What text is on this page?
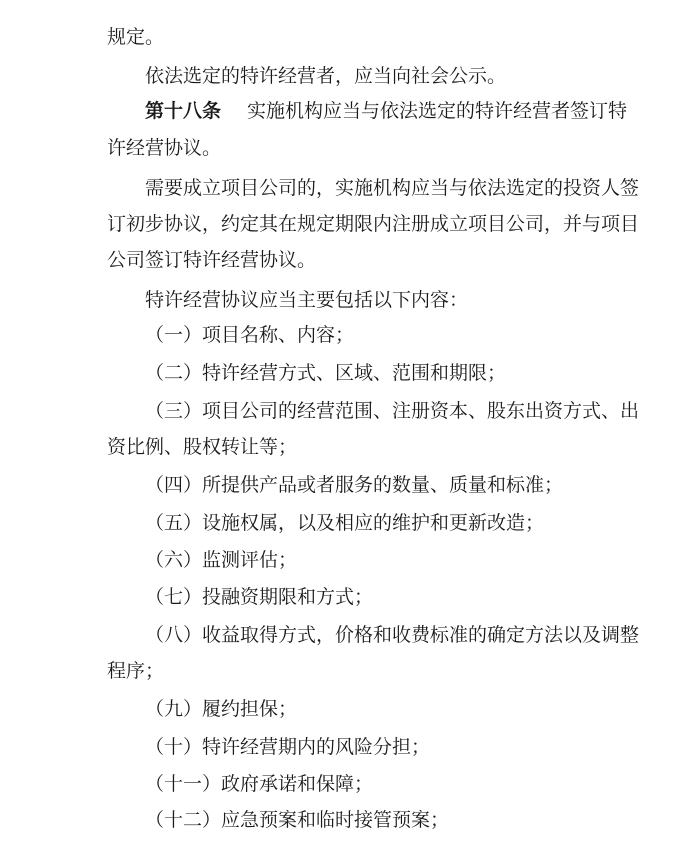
规定。
依法选定的特许经营者，应当向社会公示。
第十八条 实施机构应当与依法选定的特许经营者签订特
许经营协议。
需要成立项目公司的，实施机构应当与依法选定的投资人签
订初步协议，约定其在规定期限内注册成立项目公司，并与项目
公司签订特许经营协议。
特许经营协议应当主要包括以下内容：
（一）项目名称、内容；
（二）特许经营方式、区域、范围和期限；
（三）项目公司的经营范围、注册资本、股东出资方式、出
资比例、股权转让等；
（四）所提供产品或者服务的数量、质量和标准；
（五）设施权属，以及相应的维护和更新改造；
（六）监测评估；
（七）投融资期限和方式；
（八）收益取得方式，价格和收费标准的确定方法以及调整
程序；
（九）履约担保；
（十）特许经营期内的风险分担；
（十一）政府承诺和保障；
（十二）应急预案和临时接管预案；
